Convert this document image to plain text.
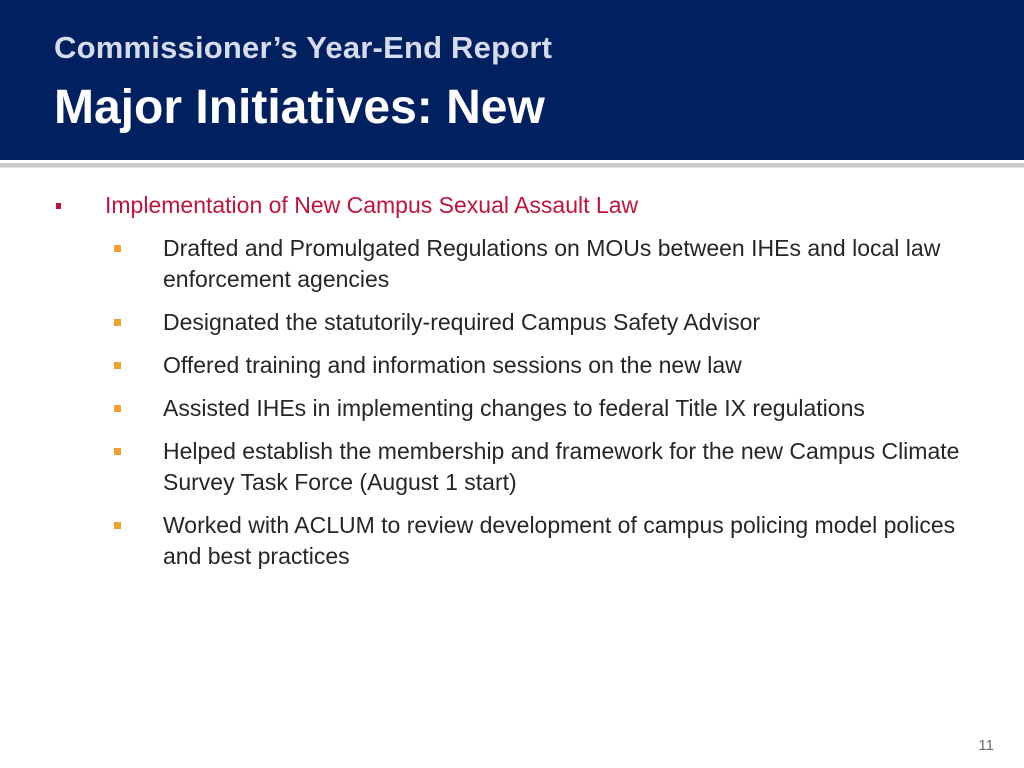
Commissioner’s Year-End Report
Major Initiatives: New

Implementation of New Campus Sexual Assault Law

Drafted and Promulgated Regulations on MOUs between IHEs and local law enforcement agencies

Designated the statutorily-required Campus Safety Advisor

Offered training and information sessions on the new law

Assisted IHEs in implementing changes to federal Title IX regulations

Helped establish the membership and framework for the new Campus Climate Survey Task Force (August 1 start)

Worked with ACLUM to review development of campus policing model polices and best practices

11
